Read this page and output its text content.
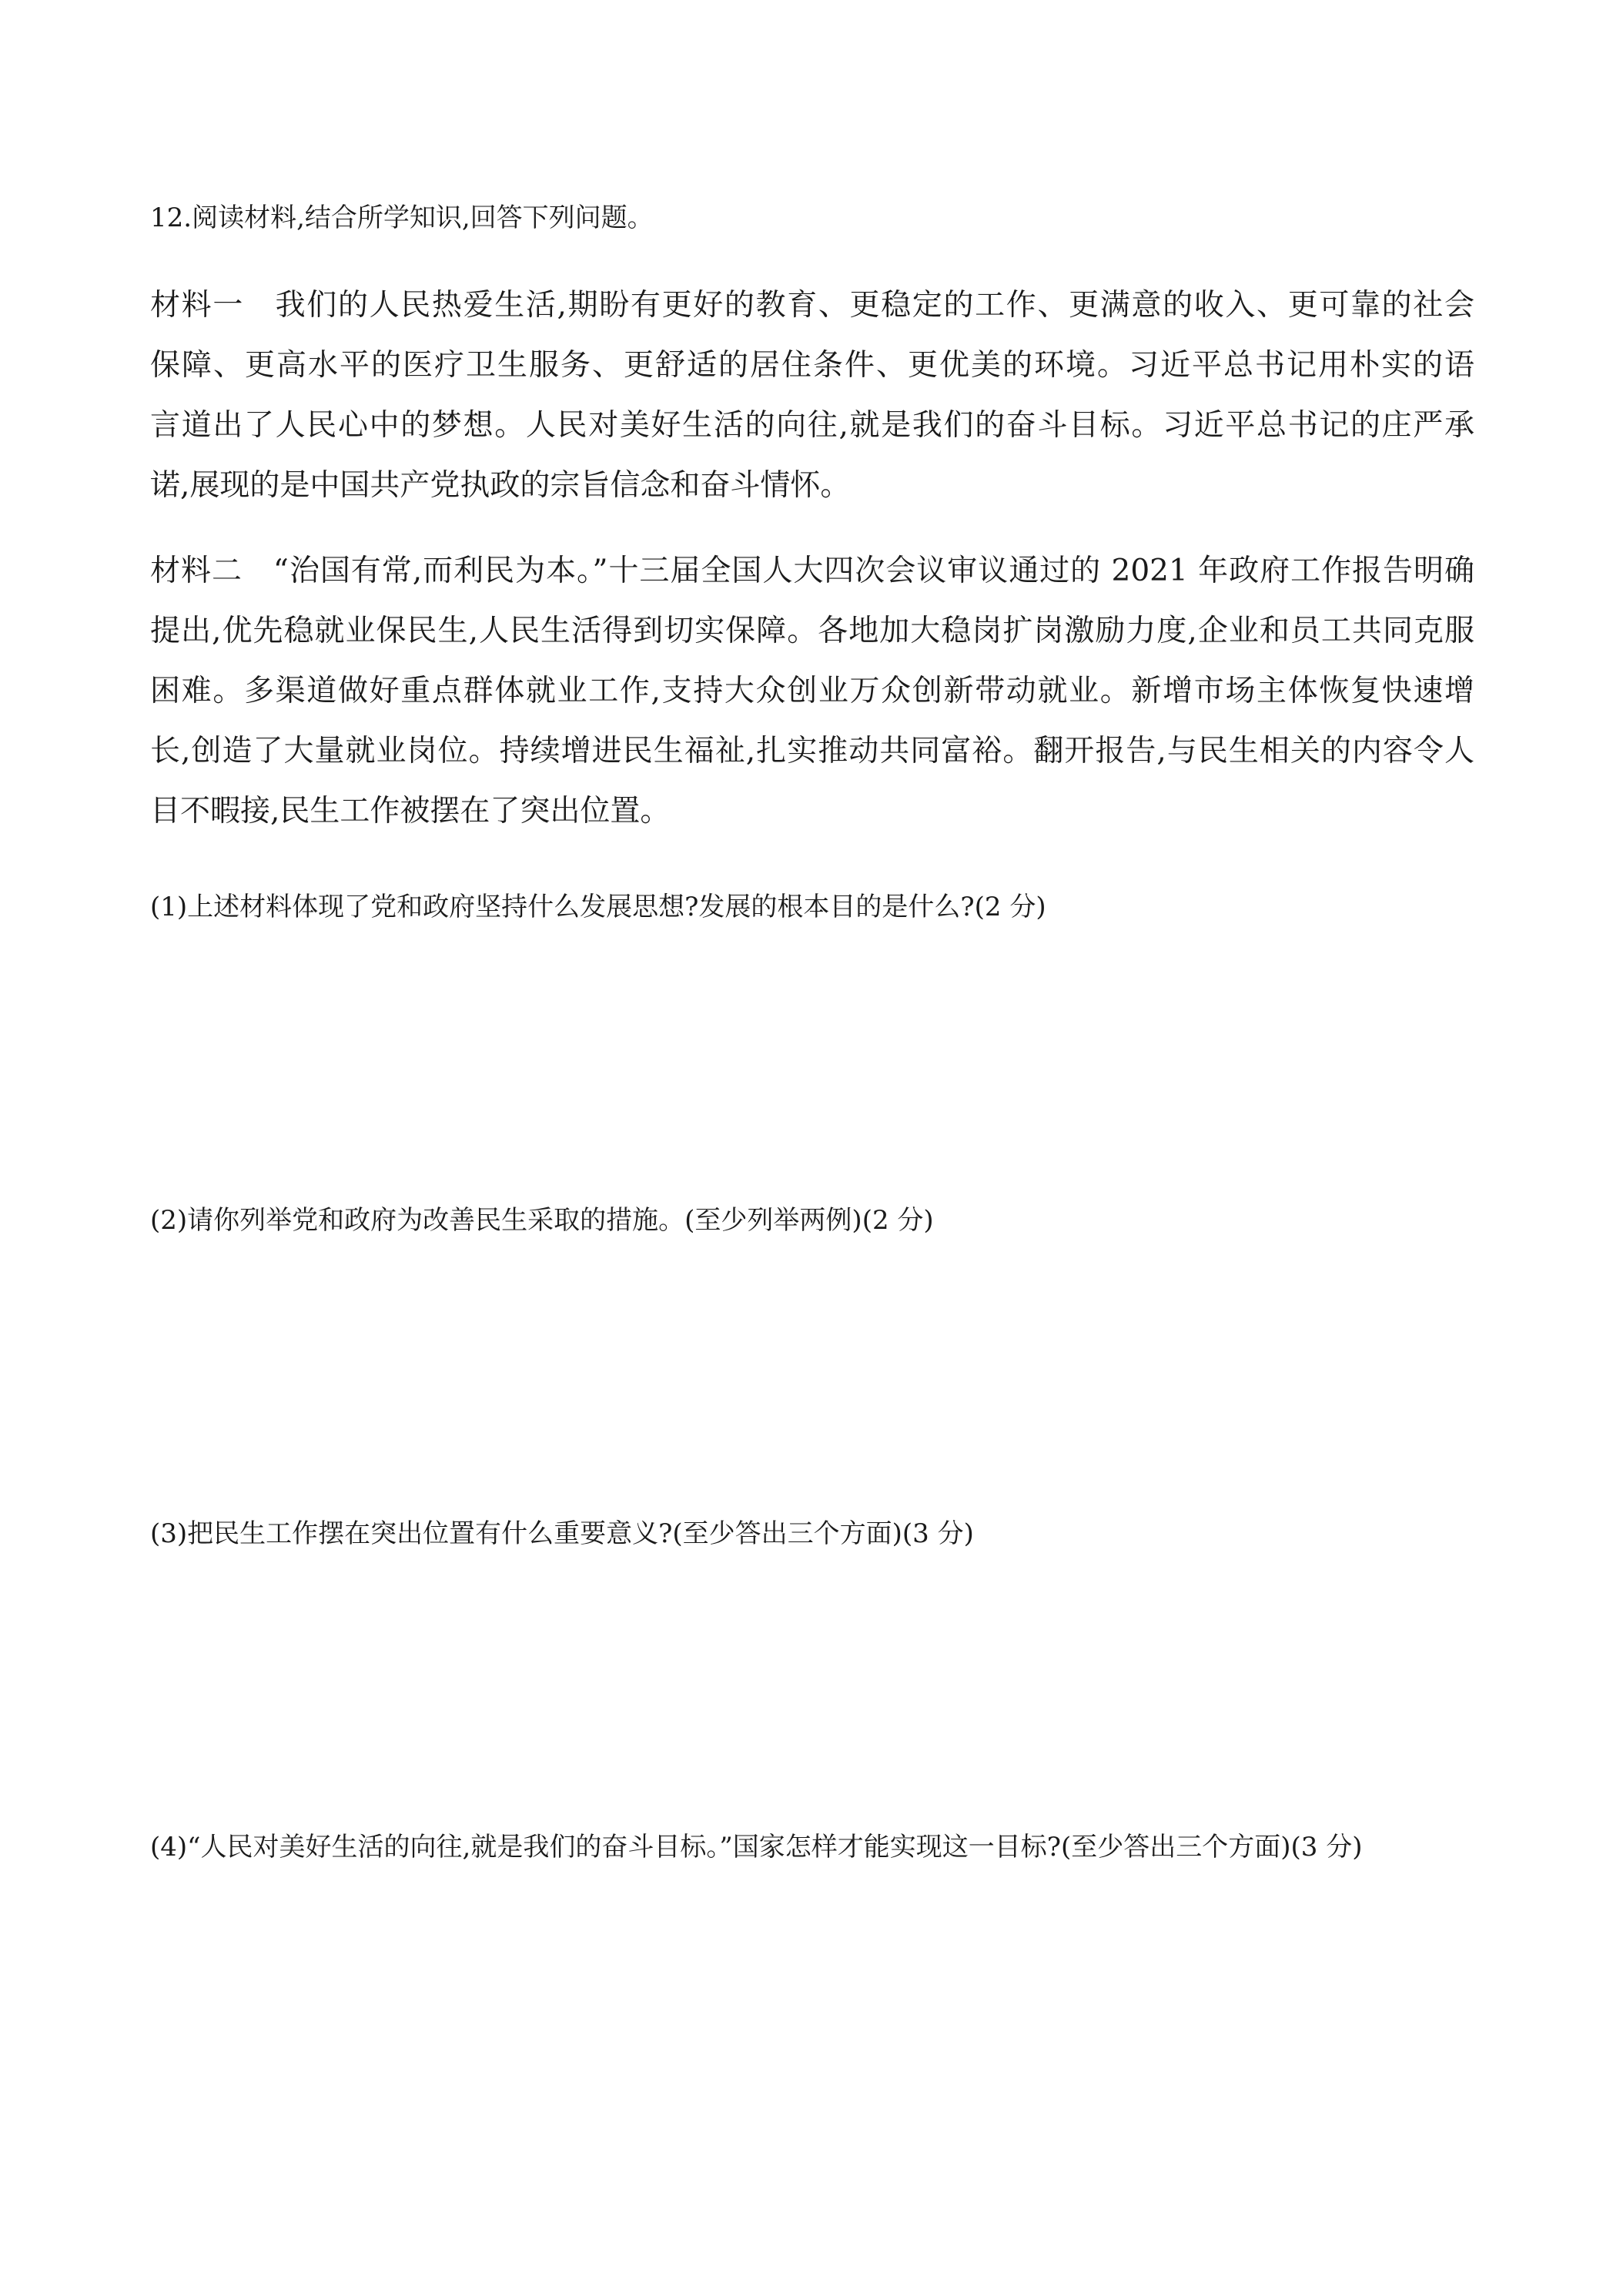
12.阅读材料,结合所学知识,回答下列问题。
材料一　我们的人民热爱生活,期盼有更好的教育、更稳定的工作、更满意的收入、更可靠的社会
保障、更高水平的医疗卫生服务、更舒适的居住条件、更优美的环境。习近平总书记用朴实的语
言道出了人民心中的梦想。人民对美好生活的向往,就是我们的奋斗目标。习近平总书记的庄严承
诺,展现的是中国共产党执政的宗旨信念和奋斗情怀。
材料二　“治国有常,而利民为本。”十三届全国人大四次会议审议通过的 2021 年政府工作报告明确
提出,优先稳就业保民生,人民生活得到切实保障。各地加大稳岗扩岗激励力度,企业和员工共同克服
困难。多渠道做好重点群体就业工作,支持大众创业万众创新带动就业。新增市场主体恢复快速增
长,创造了大量就业岗位。持续增进民生福祉,扎实推动共同富裕。翻开报告,与民生相关的内容令人
目不暇接,民生工作被摆在了突出位置。
(1)上述材料体现了党和政府坚持什么发展思想?发展的根本目的是什么?(2 分)
(2)请你列举党和政府为改善民生采取的措施。(至少列举两例)(2 分)
(3)把民生工作摆在突出位置有什么重要意义?(至少答出三个方面)(3 分)
(4)“人民对美好生活的向往,就是我们的奋斗目标。”国家怎样才能实现这一目标?(至少答出三个方面)(3 分)
